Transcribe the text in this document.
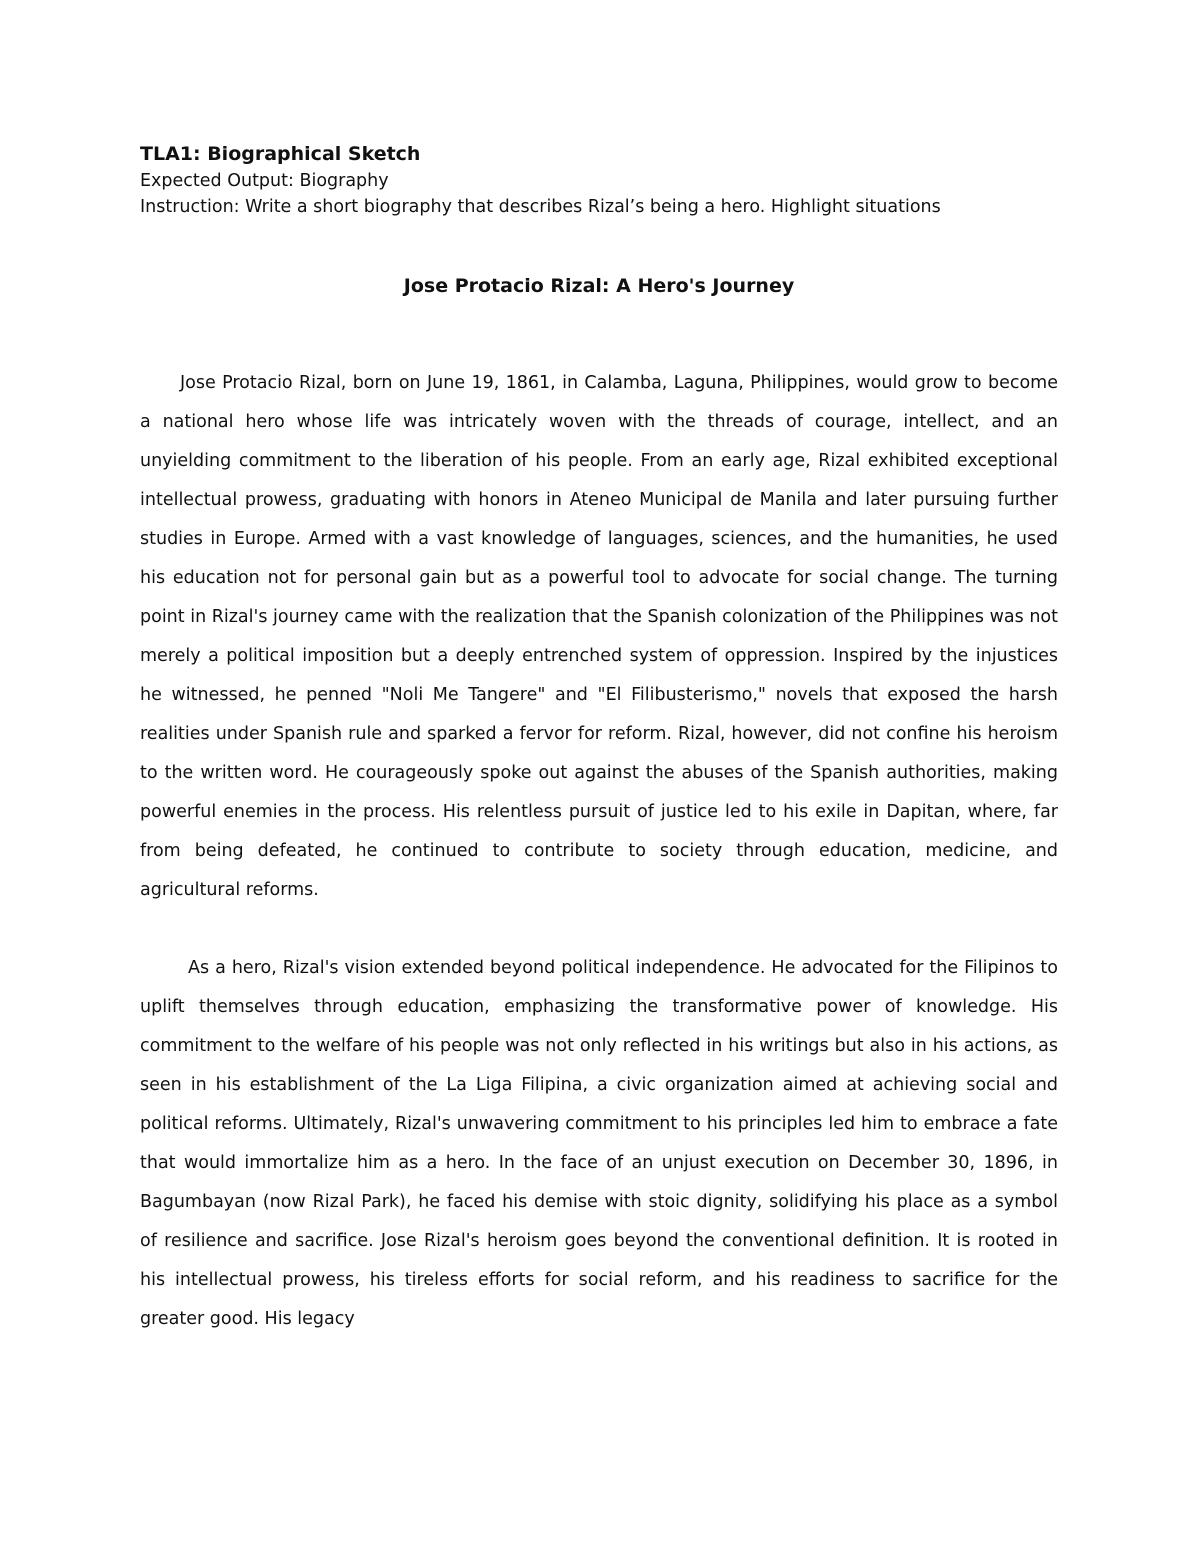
TLA1: Biographical Sketch

Expected Output: Biography

Instruction: Write a short biography that describes Rizal’s being a hero. Highlight situations

Jose Protacio Rizal: A Hero's Journey

Jose Protacio Rizal, born on June 19, 1861, in Calamba, Laguna, Philippines, would grow to become a national hero whose life was intricately woven with the threads of courage, intellect, and an unyielding commitment to the liberation of his people. From an early age, Rizal exhibited exceptional intellectual prowess, graduating with honors in Ateneo Municipal de Manila and later pursuing further studies in Europe. Armed with a vast knowledge of languages, sciences, and the humanities, he used his education not for personal gain but as a powerful tool to advocate for social change. The turning point in Rizal's journey came with the realization that the Spanish colonization of the Philippines was not merely a political imposition but a deeply entrenched system of oppression. Inspired by the injustices he witnessed, he penned "Noli Me Tangere" and "El Filibusterismo," novels that exposed the harsh realities under Spanish rule and sparked a fervor for reform. Rizal, however, did not confine his heroism to the written word. He courageously spoke out against the abuses of the Spanish authorities, making powerful enemies in the process. His relentless pursuit of justice led to his exile in Dapitan, where, far from being defeated, he continued to contribute to society through education, medicine, and agricultural reforms.

As a hero, Rizal's vision extended beyond political independence. He advocated for the Filipinos to uplift themselves through education, emphasizing the transformative power of knowledge. His commitment to the welfare of his people was not only reflected in his writings but also in his actions, as seen in his establishment of the La Liga Filipina, a civic organization aimed at achieving social and political reforms. Ultimately, Rizal's unwavering commitment to his principles led him to embrace a fate that would immortalize him as a hero. In the face of an unjust execution on December 30, 1896, in Bagumbayan (now Rizal Park), he faced his demise with stoic dignity, solidifying his place as a symbol of resilience and sacrifice. Jose Rizal's heroism goes beyond the conventional definition. It is rooted in his intellectual prowess, his tireless efforts for social reform, and his readiness to sacrifice for the greater good. His legacy
